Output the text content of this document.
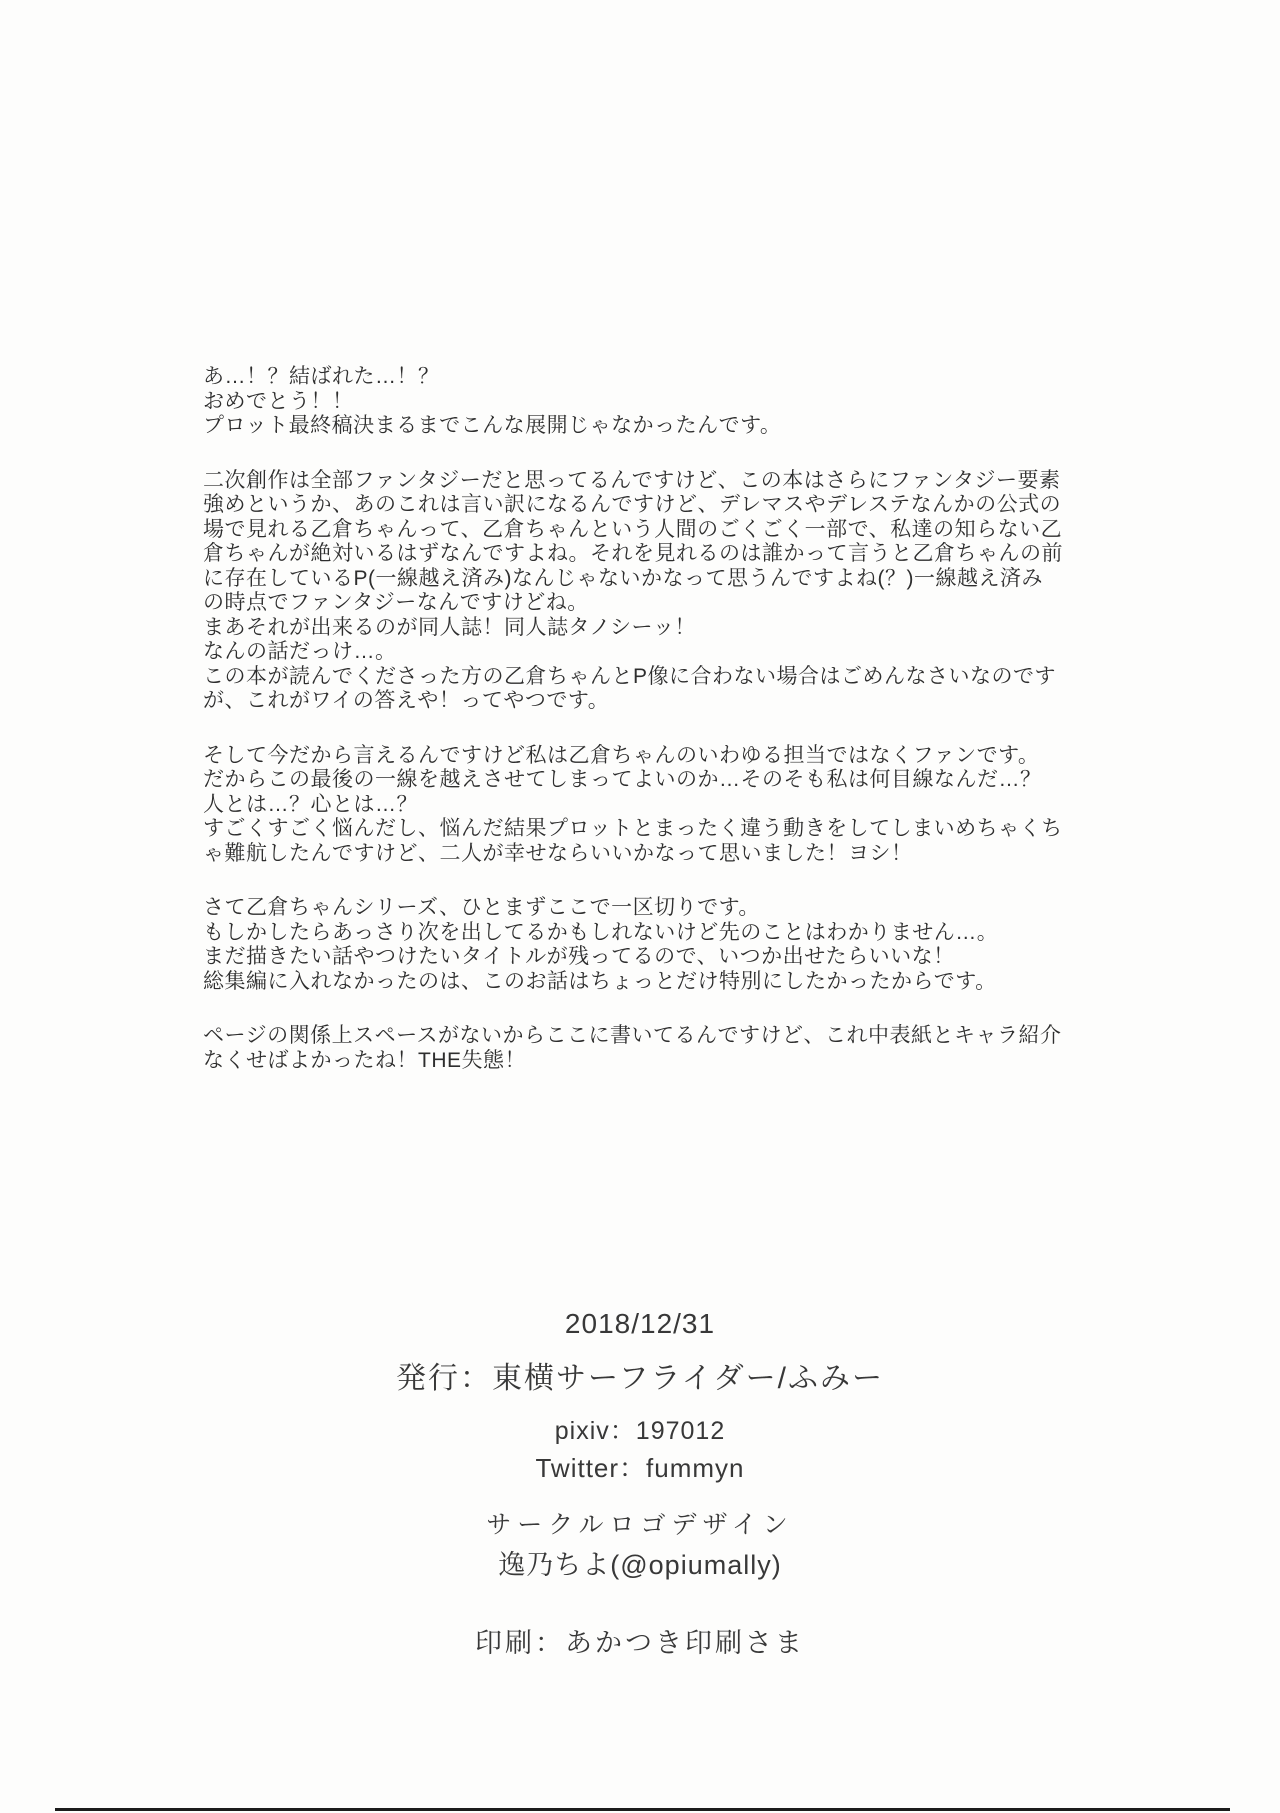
あ…！？結ばれた…！？
おめでとう！！
プロット最終稿決まるまでこんな展開じゃなかったんです。
二次創作は全部ファンタジーだと思ってるんですけど、この本はさらにファンタジー要素
強めというか、あのこれは言い訳になるんですけど、デレマスやデレステなんかの公式の
場で見れる乙倉ちゃんって、乙倉ちゃんという人間のごくごく一部で、私達の知らない乙
倉ちゃんが絶対いるはずなんですよね。それを見れるのは誰かって言うと乙倉ちゃんの前
に存在しているP(一線越え済み)なんじゃないかなって思うんですよね(？)一線越え済み
の時点でファンタジーなんですけどね。
まあそれが出来るのが同人誌！同人誌タノシーッ！
なんの話だっけ…。
この本が読んでくださった方の乙倉ちゃんとP像に合わない場合はごめんなさいなのです
が、これがワイの答えや！ってやつです。
そして今だから言えるんですけど私は乙倉ちゃんのいわゆる担当ではなくファンです。
だからこの最後の一線を越えさせてしまってよいのか…そのそも私は何目線なんだ…？
人とは…？心とは…？
すごくすごく悩んだし、悩んだ結果プロットとまったく違う動きをしてしまいめちゃくち
ゃ難航したんですけど、二人が幸せならいいかなって思いました！ヨシ！
さて乙倉ちゃんシリーズ、ひとまずここで一区切りです。
もしかしたらあっさり次を出してるかもしれないけど先のことはわかりません…。
まだ描きたい話やつけたいタイトルが残ってるので、いつか出せたらいいな！
総集編に入れなかったのは、このお話はちょっとだけ特別にしたかったからです。
ページの関係上スペースがないからここに書いてるんですけど、これ中表紙とキャラ紹介
なくせばよかったね！THE失態！
2018/12/31
発行：東横サーフライダー/ふみー
pixiv：197012
Twitter：fummyn
サークルロゴデザイン
逸乃ちよ(@opiumally)
印刷：あかつき印刷さま
